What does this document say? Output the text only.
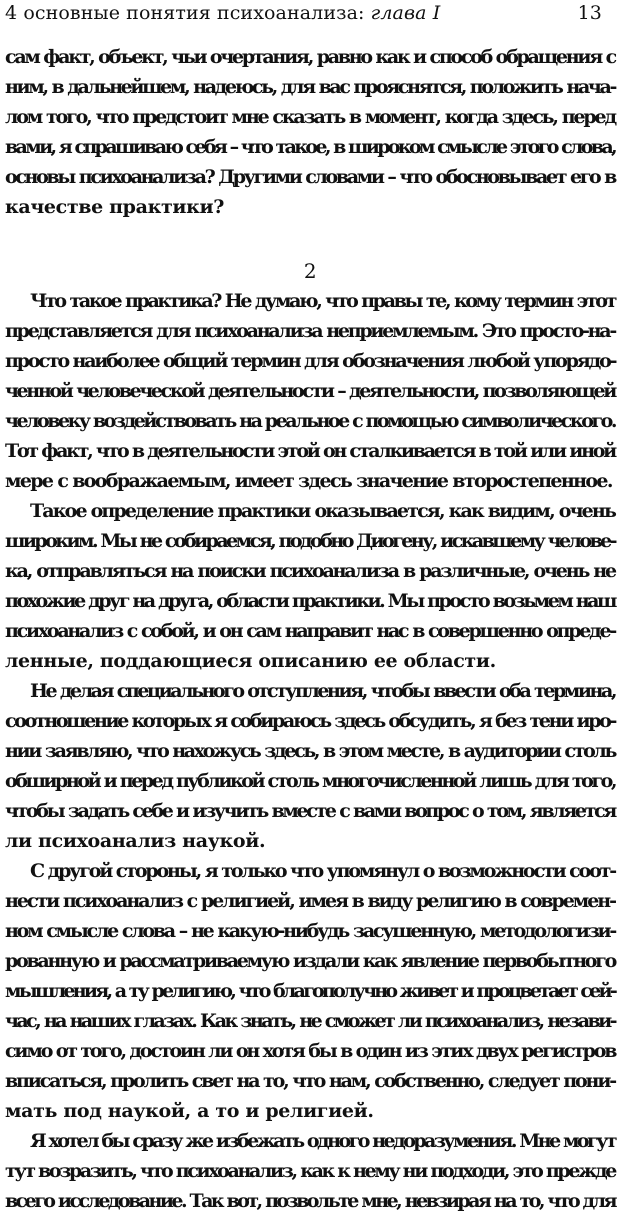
4 основные понятия психоанализа: глава I	13
сам факт, объект, чьи очертания, равно как и способ обращения с
ним, в дальнейшем, надеюсь, для вас прояснятся, положить нача-
лом того, что предстоит мне сказать в момент, когда здесь, перед
вами, я спрашиваю себя – что такое, в широком смысле этого слова,
основы психоанализа? Другими словами – что обосновывает его в
качестве практики?
2
Что такое практика? Не думаю, что правы те, кому термин этот
представляется для психоанализа неприемлемым. Это просто-на-
просто наиболее общий термин для обозначения любой упорядо-
ченной человеческой деятельности – деятельности, позволяющей
человеку воздействовать на реальное с помощью символического.
Тот факт, что в деятельности этой он сталкивается в той или иной
мере с воображаемым, имеет здесь значение второстепенное.
Такое определение практики оказывается, как видим, очень
широким. Мы не собираемся, подобно Диогену, искавшему челове-
ка, отправляться на поиски психоанализа в различные, очень не
похожие друг на друга, области практики. Мы просто возьмем наш
психоанализ с собой, и он сам направит нас в совершенно опреде-
ленные, поддающиеся описанию ее области.
Не делая специального отступления, чтобы ввести оба термина,
соотношение которых я собираюсь здесь обсудить, я без тени иро-
нии заявляю, что нахожусь здесь, в этом месте, в аудитории столь
обширной и перед публикой столь многочисленной лишь для того,
чтобы задать себе и изучить вместе с вами вопрос о том, является
ли психоанализ наукой.
С другой стороны, я только что упомянул о возможности соот-
нести психоанализ с религией, имея в виду религию в современ-
ном смысле слова – не какую-нибудь засушенную, методологизи-
рованную и рассматриваемую издали как явление первобытного
мышления, а ту религию, что благополучно живет и процветает сей-
час, на наших глазах. Как знать, не сможет ли психоанализ, незави-
симо от того, достоин ли он хотя бы в один из этих двух регистров
вписаться, пролить свет на то, что нам, собственно, следует пони-
мать под наукой, а то и религией.
Я хотел бы сразу же избежать одного недоразумения. Мне могут
тут возразить, что психоанализ, как к нему ни подходи, это прежде
всего исследование. Так вот, позвольте мне, невзирая на то, что для
